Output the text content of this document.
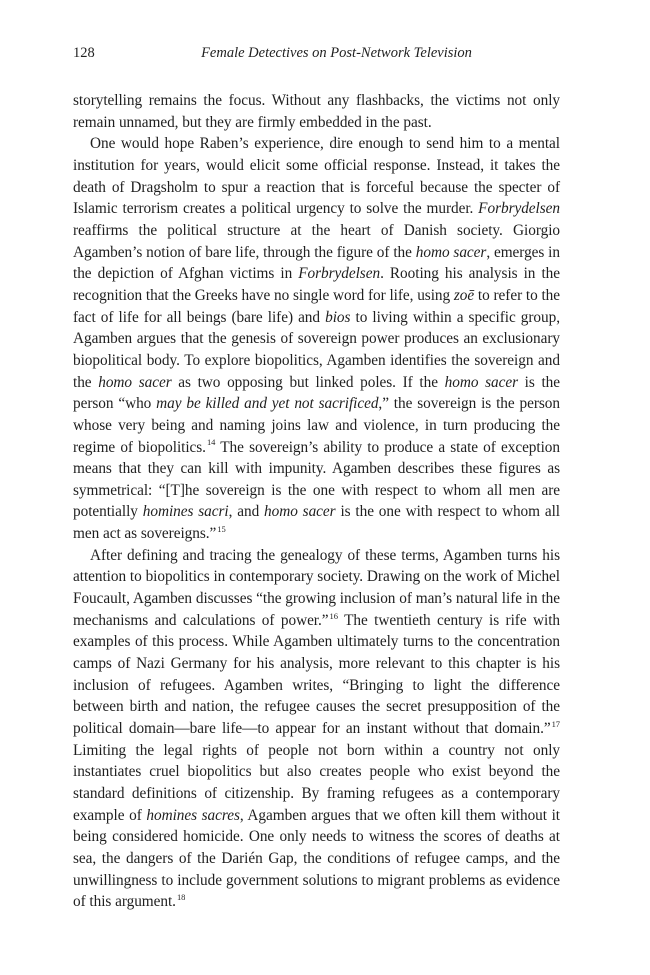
128	Female Detectives on Post-Network Television

storytelling remains the focus. Without any flashbacks, the victims not only remain unnamed, but they are firmly embedded in the past.

One would hope Raben’s experience, dire enough to send him to a mental institution for years, would elicit some official response. Instead, it takes the death of Dragsholm to spur a reaction that is forceful because the specter of Islamic terrorism creates a political urgency to solve the murder. Forbrydelsen reaffirms the political structure at the heart of Danish society. Giorgio Agamben’s notion of bare life, through the figure of the homo sacer, emerges in the depiction of Afghan victims in Forbrydelsen. Rooting his analysis in the recognition that the Greeks have no single word for life, using zoē to refer to the fact of life for all beings (bare life) and bios to living within a specific group, Agamben argues that the genesis of sovereign power produces an exclusionary biopolitical body. To explore biopolitics, Agamben identifies the sovereign and the homo sacer as two opposing but linked poles. If the homo sacer is the person “who may be killed and yet not sacrificed,” the sovereign is the person whose very being and naming joins law and violence, in turn producing the regime of biopolitics.$^{14}$ The sovereign’s ability to produce a state of exception means that they can kill with impunity. Agamben describes these figures as symmetrical: “[T]he sovereign is the one with respect to whom all men are potentially homines sacri, and homo sacer is the one with respect to whom all men act as sovereigns.”$^{15}$

After defining and tracing the genealogy of these terms, Agamben turns his attention to biopolitics in contemporary society. Drawing on the work of Michel Foucault, Agamben discusses “the growing inclusion of man’s natural life in the mechanisms and calculations of power.”$^{16}$ The twentieth century is rife with examples of this process. While Agamben ultimately turns to the concentration camps of Nazi Germany for his analysis, more relevant to this chapter is his inclusion of refugees. Agamben writes, “Bringing to light the difference between birth and nation, the refugee causes the secret presupposition of the political domain—bare life—to appear for an instant without that domain.”$^{17}$ Limiting the legal rights of people not born within a country not only instantiates cruel biopolitics but also creates people who exist beyond the standard definitions of citizenship. By framing refugees as a contemporary example of homines sacres, Agamben argues that we often kill them without it being considered homicide. One only needs to witness the scores of deaths at sea, the dangers of the Darién Gap, the conditions of refugee camps, and the unwillingness to include government solutions to migrant problems as evidence of this argument.$^{18}$
